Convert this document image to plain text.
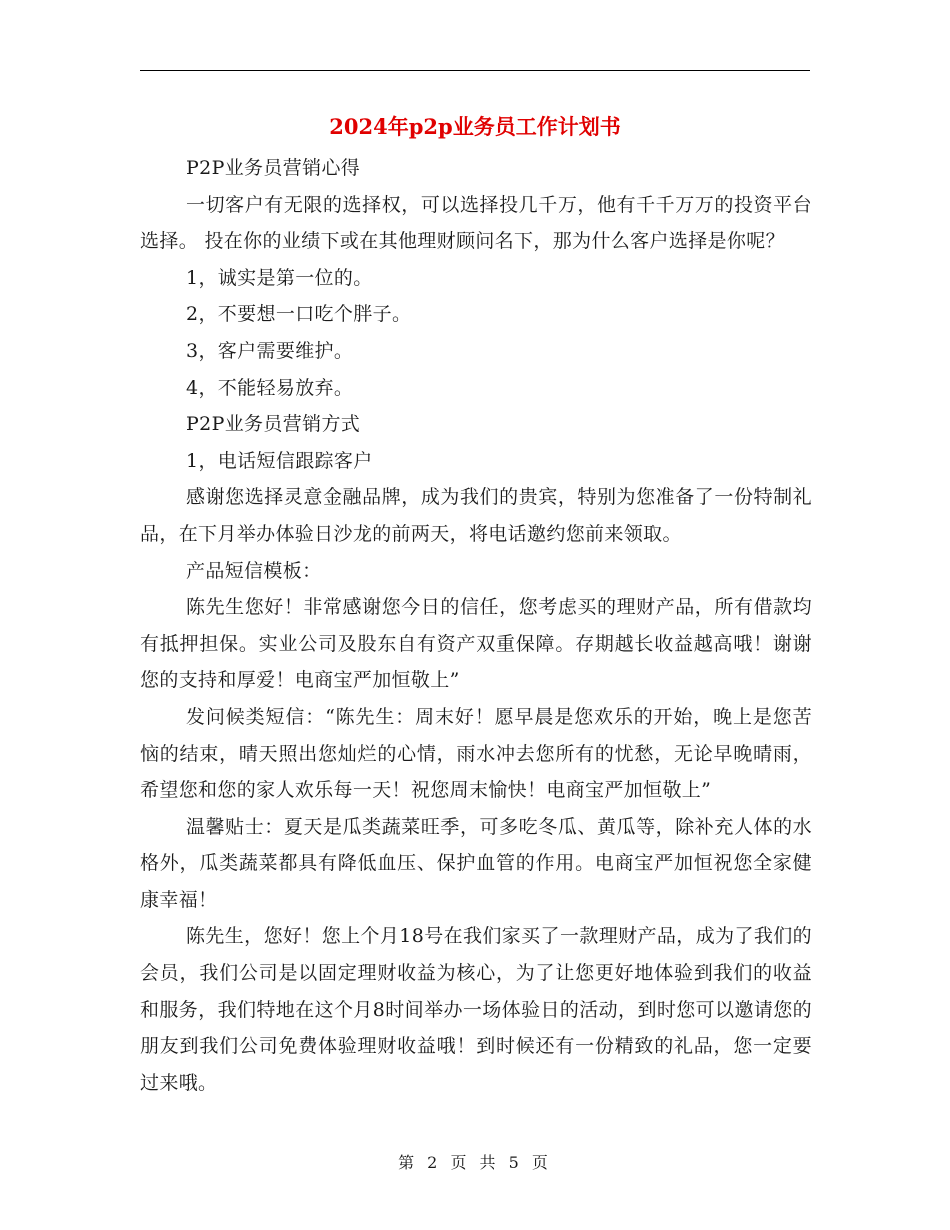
2024年p2p业务员工作计划书

P2P业务员营销心得

一切客户有无限的选择权，可以选择投几千万，他有千千万万的投资平台选择。 投在你的业绩下或在其他理财顾问名下，那为什么客户选择是你呢？

1，诚实是第一位的。

2，不要想一口吃个胖子。

3，客户需要维护。

4，不能轻易放弃。

P2P业务员营销方式

1，电话短信跟踪客户

感谢您选择灵意金融品牌，成为我们的贵宾，特别为您准备了一份特制礼品，在下月举办体验日沙龙的前两天，将电话邀约您前来领取。

产品短信模板：

陈先生您好！非常感谢您今日的信任，您考虑买的理财产品，所有借款均有抵押担保。实业公司及股东自有资产双重保障。存期越长收益越高哦！谢谢您的支持和厚爱！电商宝严加恒敬上”

发问候类短信：“陈先生：周末好！愿早晨是您欢乐的开始，晚上是您苦恼的结束，晴天照出您灿烂的心情，雨水冲去您所有的忧愁，无论早晚晴雨，希望您和您的家人欢乐每一天！祝您周末愉快！电商宝严加恒敬上”

温馨贴士：夏天是瓜类蔬菜旺季，可多吃冬瓜、黄瓜等，除补充人体的水格外，瓜类蔬菜都具有降低血压、保护血管的作用。电商宝严加恒祝您全家健康幸福！

陈先生，您好！您上个月18号在我们家买了一款理财产品，成为了我们的会员，我们公司是以固定理财收益为核心，为了让您更好地体验到我们的收益和服务，我们特地在这个月8时间举办一场体验日的活动，到时您可以邀请您的朋友到我们公司免费体验理财收益哦！到时候还有一份精致的礼品，您一定要过来哦。

第 2 页 共 5 页
